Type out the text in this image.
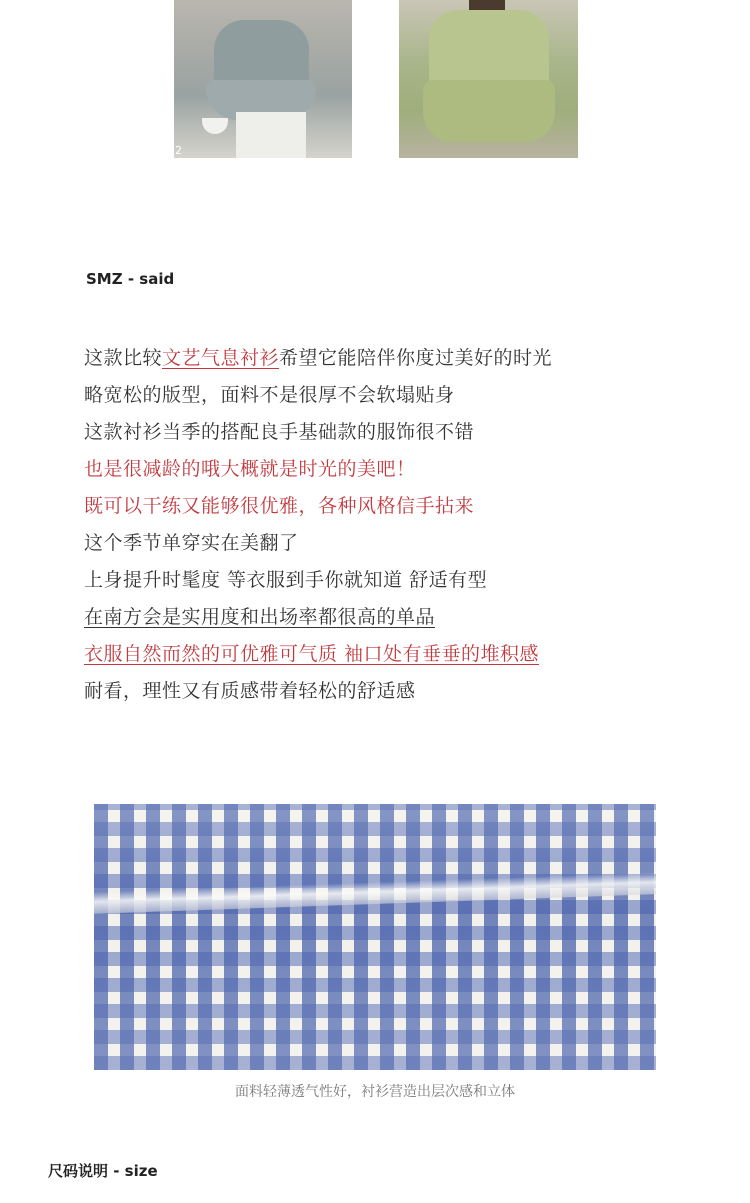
2
SMZ - said
这款比较文艺气息衬衫希望它能陪伴你度过美好的时光
略宽松的版型，面料不是很厚不会软塌贴身
这款衬衫当季的搭配良手基础款的服饰很不错
也是很减龄的哦大概就是时光的美吧！
既可以干练又能够很优雅，各种风格信手拈来
这个季节单穿实在美翻了
上身提升时髦度 等衣服到手你就知道 舒适有型
在南方会是实用度和出场率都很高的单品
衣服自然而然的可优雅可气质 袖口处有垂垂的堆积感
耐看，理性又有质感带着轻松的舒适感
面料轻薄透气性好，衬衫营造出层次感和立体
尺码说明 - size
